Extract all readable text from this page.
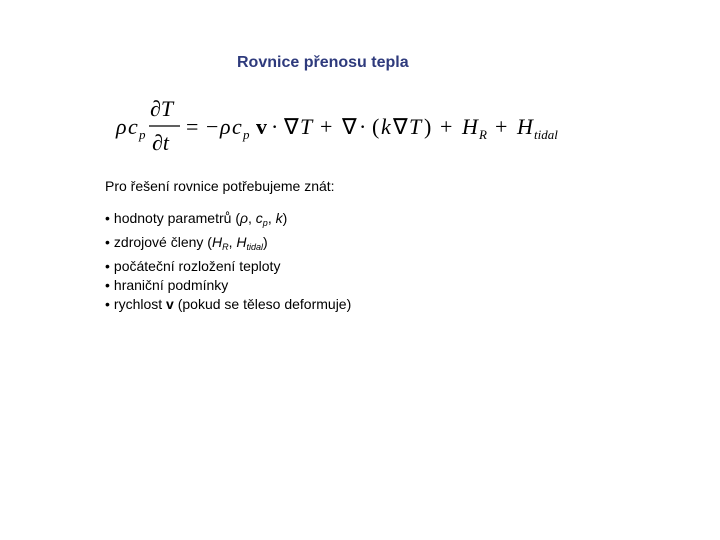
Rovnice přenosu tepla
ρ c p
∂T
∂t
= − ρ c p v · ∇ T + ∇ · ( k ∇ T ) + H R + H tidal
Pro řešení rovnice potřebujeme znát:
• hodnoty parametrů (ρ, $c_p$, k)
• zdrojové členy ($H_R$, $H_{tidal}$)
• počáteční rozložení teploty
• hraniční podmínky
• rychlost v (pokud se těleso deformuje)
